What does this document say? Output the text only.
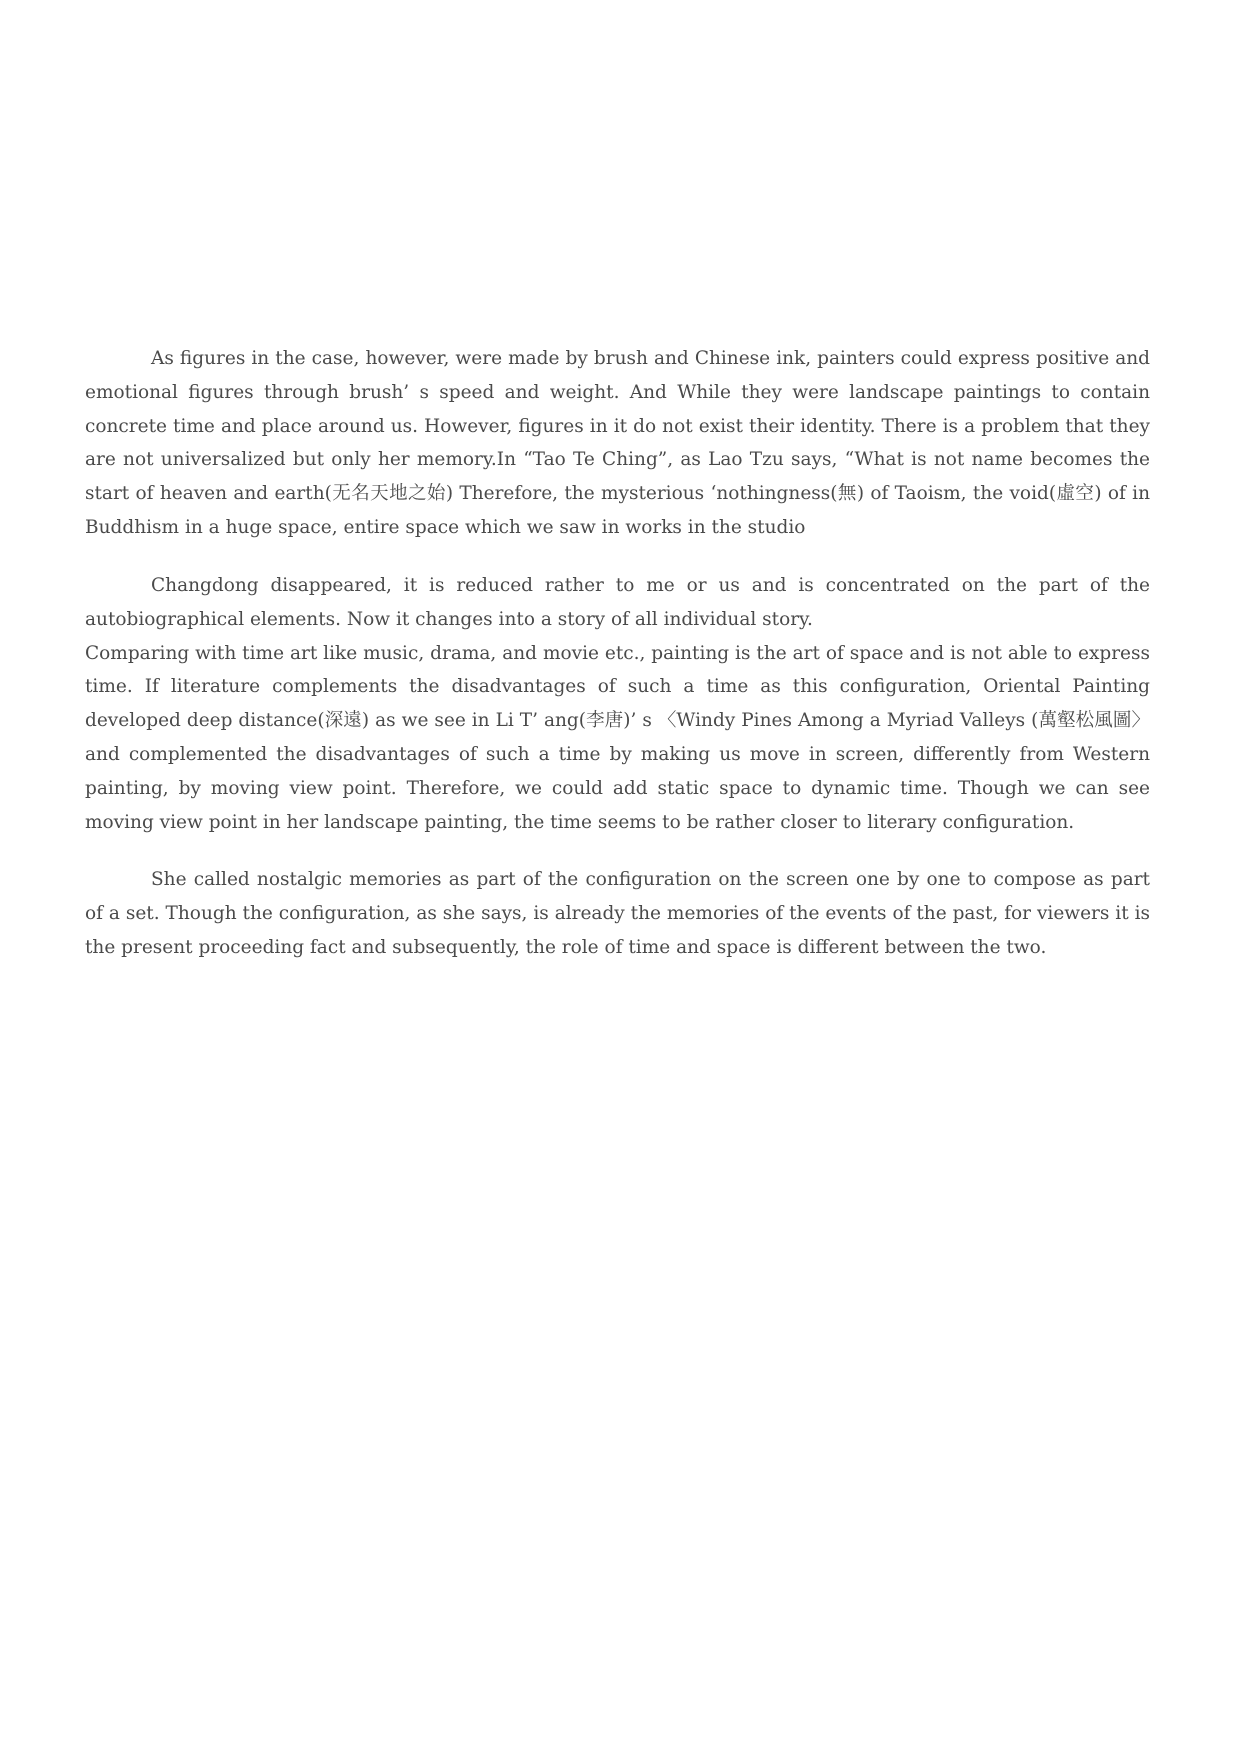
As figures in the case, however, were made by brush and Chinese ink, painters could express positive and emotional figures through brush’ s speed and weight. And While they were landscape paintings to contain concrete time and place around us. However, figures in it do not exist their identity. There is a problem that they are not universalized but only her memory.In “Tao Te Ching”, as Lao Tzu says, “What is not name becomes the start of heaven and earth(无名天地之始) Therefore, the mysterious ‘nothingness(無) of Taoism, the void(虛空) of in Buddhism in a huge space, entire space which we saw in works in the studio

Changdong disappeared, it is reduced rather to me or us and is concentrated on the part of the autobiographical elements. Now it changes into a story of all individual story.

Comparing with time art like music, drama, and movie etc., painting is the art of space and is not able to express time. If literature complements the disadvantages of such a time as this configuration, Oriental Painting developed deep distance(深遠) as we see in Li T’ ang(李唐)’ s 〈Windy Pines Among a Myriad Valleys (萬壑松風圖〉 and complemented the disadvantages of such a time by making us move in screen, differently from Western painting, by moving view point. Therefore, we could add static space to dynamic time. Though we can see moving view point in her landscape painting, the time seems to be rather closer to literary configuration.

She called nostalgic memories as part of the configuration on the screen one by one to compose as part of a set. Though the configuration, as she says, is already the memories of the events of the past, for viewers it is the present proceeding fact and subsequently, the role of time and space is different between the two.
